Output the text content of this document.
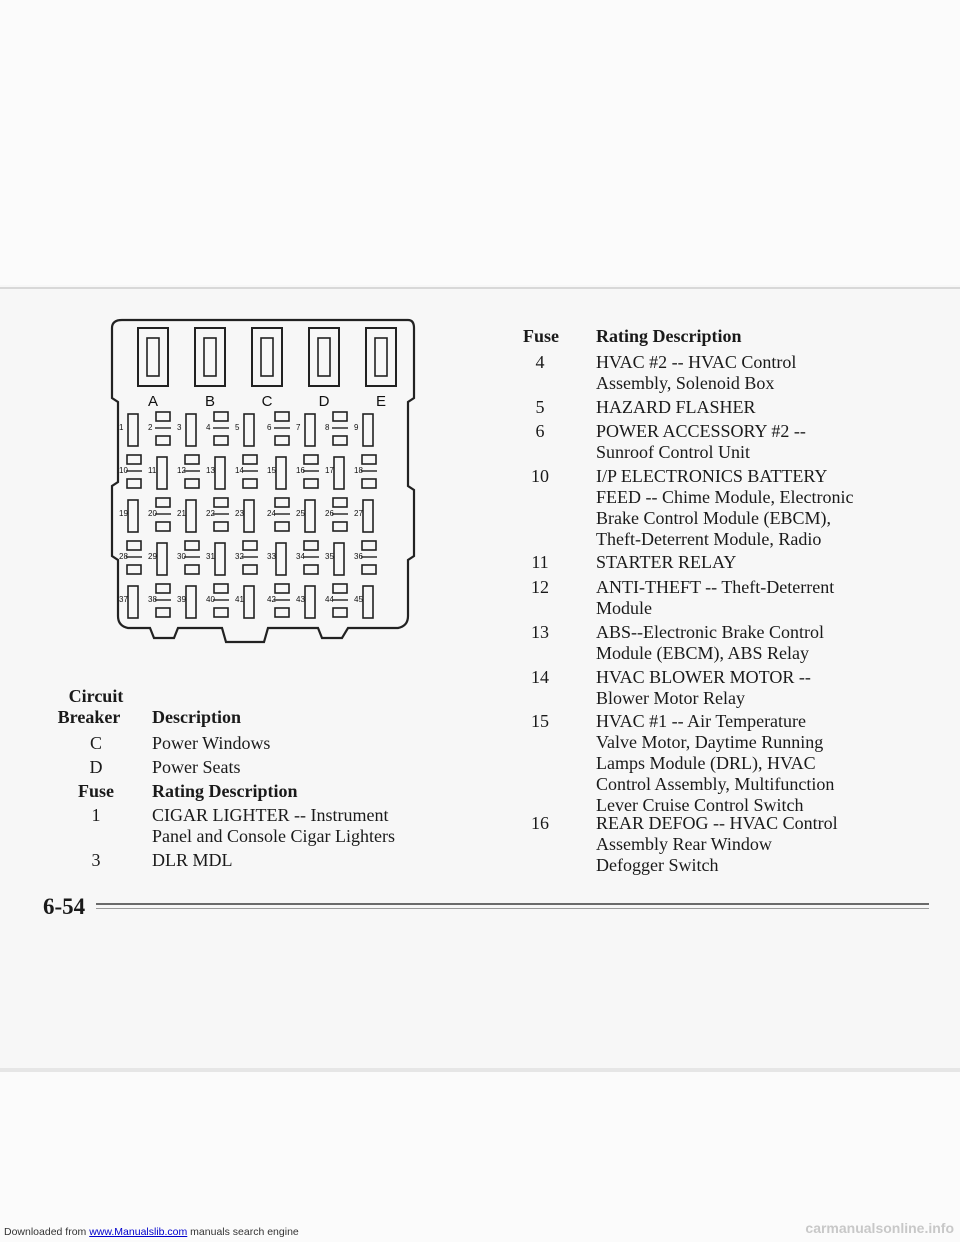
A	B	C	D	E
1	2	3	4	5	6	7	8	9
10	11	12	13	14	15	16	17	18
19	20	21	22	23	24	25	26	27
28	29	30	31	32	33	34	35	36
37	38	39	40	41	42	43	44	45
Circuit
Breaker	Description
C	Power Windows
D	Power Seats
Fuse	Rating Description
1	CIGAR LIGHTER -- Instrument
Panel and Console Cigar Lighters
3	DLR MDL
Fuse	Rating Description
4	HVAC #2 -- HVAC Control
Assembly, Solenoid Box
5	HAZARD FLASHER
6	POWER ACCESSORY #2 --
Sunroof Control Unit
10	I/P ELECTRONICS BATTERY
FEED -- Chime Module, Electronic
Brake Control Module (EBCM),
Theft-Deterrent Module, Radio
11	STARTER RELAY
12	ANTI-THEFT -- Theft-Deterrent
Module
13	ABS--Electronic Brake Control
Module (EBCM), ABS Relay
14	HVAC BLOWER MOTOR --
Blower Motor Relay
15	HVAC #1 -- Air Temperature
Valve Motor, Daytime Running
Lamps Module (DRL), HVAC
Control Assembly, Multifunction
Lever Cruise Control Switch
16	REAR DEFOG -- HVAC Control
Assembly Rear Window
Defogger Switch
6-54
Downloaded from www.Manualslib.com manuals search engine	carmanualsonline.info
